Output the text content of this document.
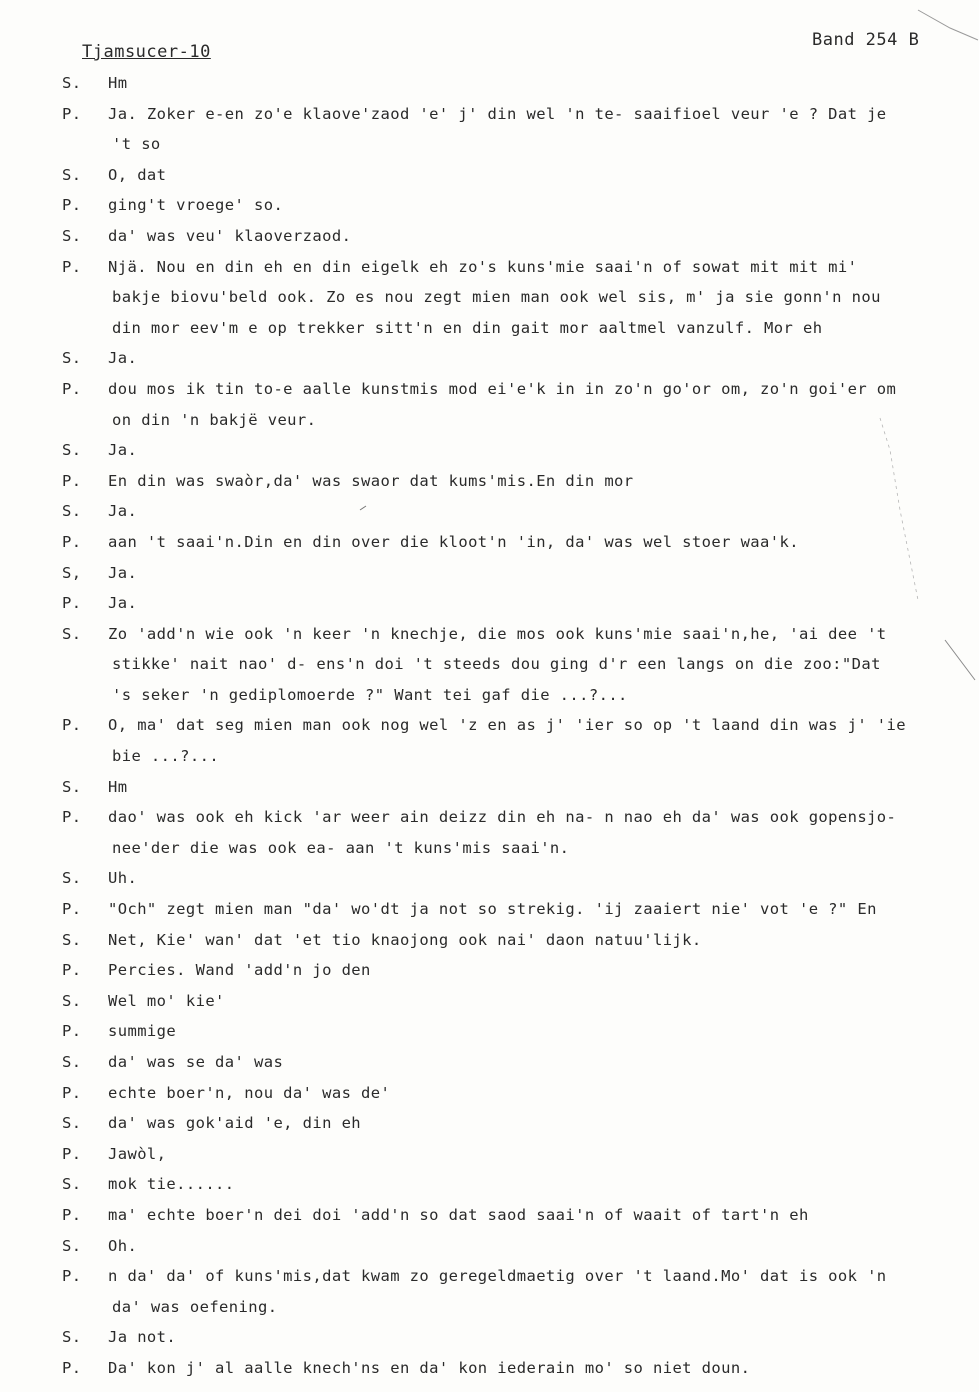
Tjamsucer-10
Band 254 B
S.	Hm
P.	Ja. Zoker e-en zo'e klaove'zaod 'e' j' din wel 'n te- saaifioel veur 'e ? Dat je
't so
S.	O, dat
P.	ging't vroege' so.
S.	da' was veu' klaoverzaod.
P.	Njä. Nou en din eh en din eigelk eh zo's kuns'mie saai'n of sowat mit mit mi'
bakje biovu'beld ook. Zo es nou zegt mien man ook wel sis, m' ja sie gonn'n nou
din mor eev'm e op trekker sitt'n en din gait mor aaltmel vanzulf. Mor eh
S.	Ja.
P.	dou mos ik tin to-e aalle kunstmis mod ei'e'k in in zo'n go'or om, zo'n goi'er om
on din 'n bakjë veur.
S.	Ja.
P.	En din was swaòr,da' was swaor dat kums'mis.En din mor
S.	Ja.
P.	aan 't saai'n.Din en din over die kloot'n 'in, da' was wel stoer waa'k.
S,	Ja.
P.	Ja.
S.	Zo 'add'n wie ook 'n keer 'n knechje, die mos ook kuns'mie saai'n,he, 'ai dee 't
stikke' nait nao' d- ens'n doi 't steeds dou ging d'r een langs on die zoo:"Dat
's seker 'n gediplomoerde ?" Want tei gaf die ...?...
P.	O, ma' dat seg mien man ook nog wel 'z en as j' 'ier so op 't laand din was j' 'ie
bie ...?...
S.	Hm
P.	dao' was ook eh kick 'ar weer ain deizz din eh na- n nao eh da' was ook gopensjo-
nee'der die was ook ea- aan 't kuns'mis saai'n.
S.	Uh.
P.	"Och" zegt mien man "da' wo'dt ja not so strekig. 'ij zaaiert nie' vot 'e ?" En
S.	Net, Kie' wan' dat 'et tio knaojong ook nai' daon natuu'lijk.
P.	Percies. Wand 'add'n jo den
S.	Wel mo' kie'
P.	summige
S.	da' was se da' was
P.	echte boer'n, nou da' was de'
S.	da' was gok'aid 'e, din eh
P.	Jawòl,
S.	mok tie......
P.	ma' echte boer'n dei doi 'add'n so dat saod saai'n of waait of tart'n eh
S.	Oh.
P.	n da' da' of kuns'mis,dat kwam zo geregeldmaetig over 't laand.Mo' dat is ook 'n
da' was oefening.
S.	Ja not.
P.	Da' kon j' al aalle knech'ns en da' kon iederain mo' so niet doun.
